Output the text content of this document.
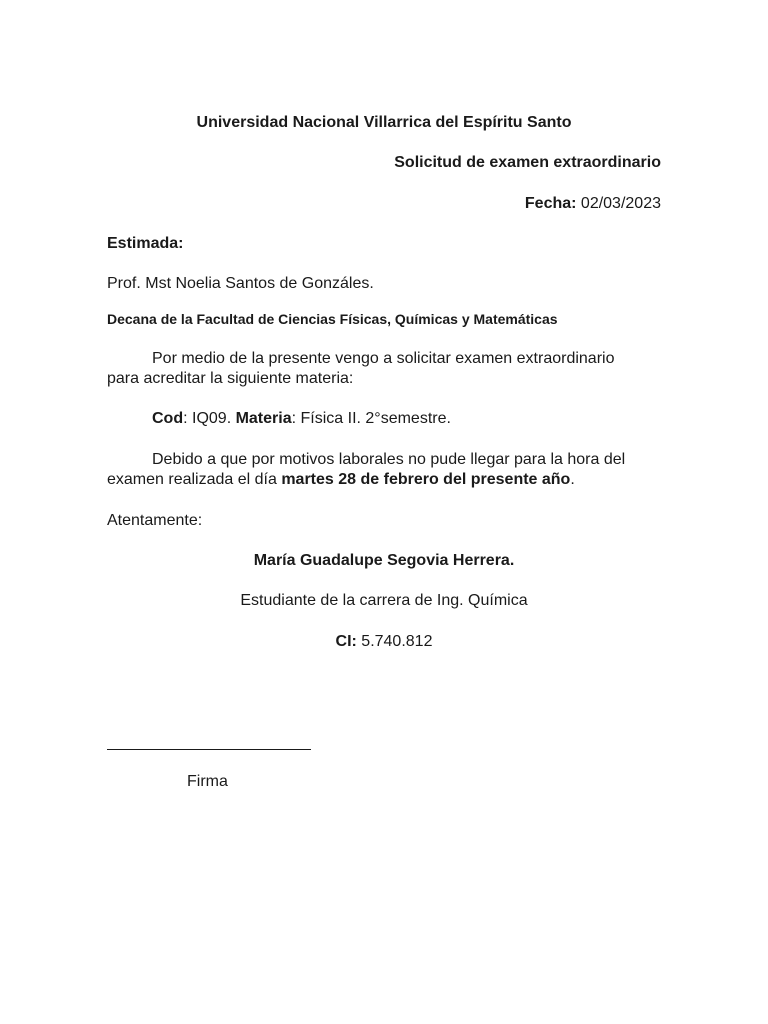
Universidad Nacional Villarrica del Espíritu Santo
Solicitud de examen extraordinario
Fecha: 02/03/2023
Estimada:
Prof. Mst Noelia Santos de Gonzáles.
Decana de la Facultad de Ciencias Físicas, Químicas y Matemáticas
Por medio de la presente vengo a solicitar examen extraordinario
para acreditar la siguiente materia:
Cod: IQ09. Materia: Física II. 2°semestre.
Debido a que por motivos laborales no pude llegar para la hora del
examen realizada el día martes 28 de febrero del presente año.
Atentamente:
María Guadalupe Segovia Herrera.
Estudiante de la carrera de Ing. Química
CI: 5.740.812
Firma
